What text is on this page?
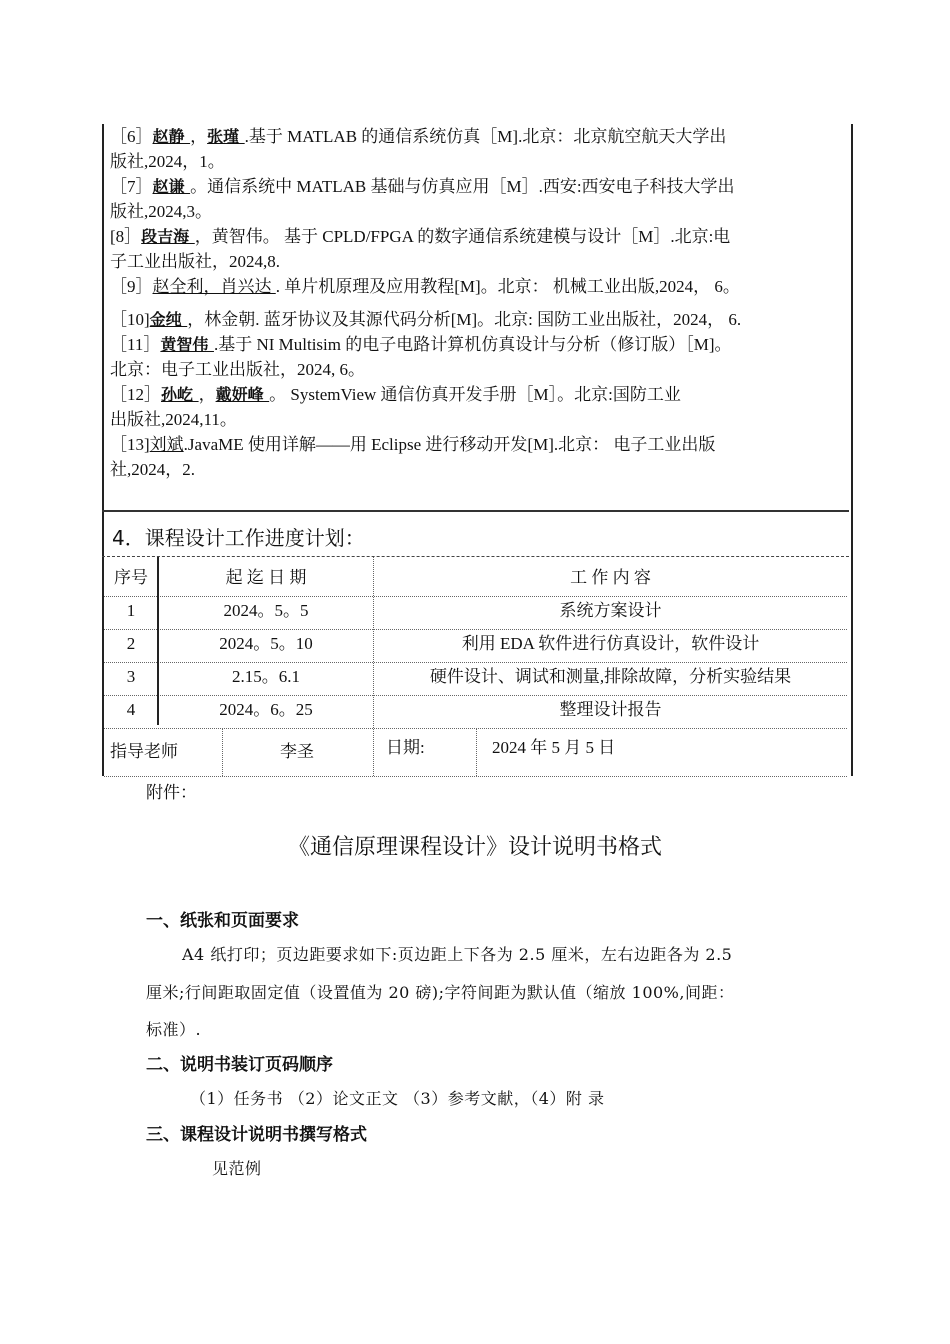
［6］赵静 ，张瑾 .基于 MATLAB 的通信系统仿真［M].北京：北京航空航天大学出
版社,2024，1。
［7］赵谦 。通信系统中 MATLAB 基础与仿真应用［M］.西安:西安电子科技大学出
版社,2024,3。
[8］段吉海 ，黄智伟。 基于 CPLD/FPGA 的数字通信系统建模与设计［M］.北京:电
子工业出版社，2024,8.
［9］赵全利，肖兴达 . 单片机原理及应用教程[M]。北京： 机械工业出版,2024， 6。
［10]金纯 ，林金朝. 蓝牙协议及其源代码分析[M]。北京: 国防工业出版社，2024， 6.
［11］黄智伟 .基于 NI Multisim 的电子电路计算机仿真设计与分析（修订版）［M]。
北京：电子工业出版社，2024, 6。
［12］孙屹 ，戴妍峰 。 SystemView 通信仿真开发手册［M］。北京:国防工业
出版社,2024,11。
［13]刘斌.JavaME 使用详解——用 Eclipse 进行移动开发[M].北京： 电子工业出版
社,2024，2.
4．课程设计工作进度计划：
序号	起 迄 日 期	工 作 内 容
1	2024。5。5	系统方案设计
2	2024。5。10	利用 EDA 软件进行仿真设计，软件设计
3	2.15。6.1	硬件设计、调试和测量,排除故障，分析实验结果
4	2024。6。25	整理设计报告
指导老师	李圣	日期:	2024 年 5 月 5 日
附件：
《通信原理课程设计》设计说明书格式
一、纸张和页面要求
A4 纸打印；页边距要求如下:页边距上下各为 2.5 厘米，左右边距各为 2.5
厘米;行间距取固定值（设置值为 20 磅);字符间距为默认值（缩放 100%,间距：
标准）.
二、说明书装订页码顺序
（1）任务书 （2）论文正文 （3）参考文献，（4）附 录
三、课程设计说明书撰写格式
见范例
